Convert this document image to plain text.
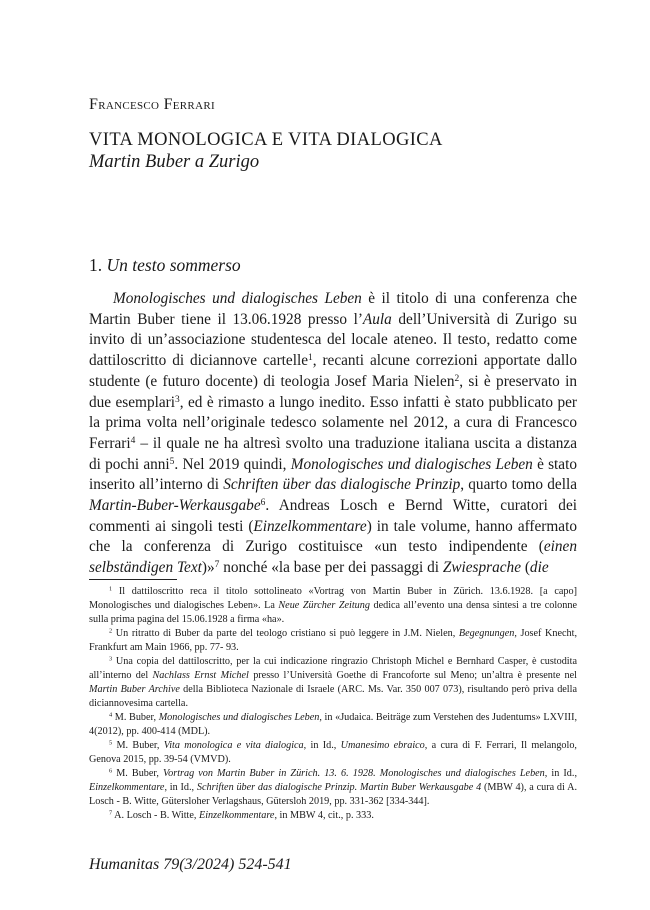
Francesco Ferrari
VITA MONOLOGICA E VITA DIALOGICA
Martin Buber a Zurigo
1. Un testo sommerso

Monologisches und dialogisches Leben è il titolo di una conferenza che Martin Buber tiene il 13.06.1928 presso l’Aula dell’Università di Zurigo su invito di un’associazione studentesca del locale ateneo. Il testo, redatto come dattiloscritto di diciannove cartelle$^1$, recanti alcune correzioni apportate dallo studente (e futuro docente) di teologia Josef Maria Nielen$^2$, si è preservato in due esemplari$^3$, ed è rimasto a lungo inedito. Esso infatti è stato pubblicato per la prima volta nell’originale tedesco solamente nel 2012, a cura di Francesco Ferrari$^4$ – il quale ne ha altresì svolto una traduzione italiana uscita a distanza di pochi anni$^5$. Nel 2019 quindi, Monologisches und dialogisches Leben è stato inserito all’interno di Schriften über das dialogische Prinzip, quarto tomo della Martin-Buber-Werkausgabe$^6$. Andreas Losch e Bernd Witte, curatori dei commenti ai singoli testi (Einzelkommentare) in tale volume, hanno affermato che la conferenza di Zurigo costituisce «un testo indipendente (einen selbständigen Text)»$^7$ nonché «la base per dei passaggi di Zwiesprache (die

$^1$ Il dattiloscritto reca il titolo sottolineato «Vortrag von Martin Buber in Zürich. 13.6.1928. [a capo] Monologisches und dialogisches Leben». La Neue Zürcher Zeitung dedica all’evento una densa sintesi a tre colonne sulla prima pagina del 15.06.1928 a firma «ha».

$^2$ Un ritratto di Buber da parte del teologo cristiano si può leggere in J.M. Nielen, Begegnungen, Josef Knecht, Frankfurt am Main 1966, pp. 77- 93.

$^3$ Una copia del dattiloscritto, per la cui indicazione ringrazio Christoph Michel e Bernhard Casper, è custodita all’interno del Nachlass Ernst Michel presso l’Università Goethe di Francoforte sul Meno; un’altra è presente nel Martin Buber Archive della Biblioteca Nazionale di Israele (ARC. Ms. Var. 350 007 073), risultando però priva della diciannovesima cartella.

$^4$ M. Buber, Monologisches und dialogisches Leben, in «Judaica. Beiträge zum Verstehen des Judentums» LXVIII, 4(2012), pp. 400-414 (MDL).

$^5$ M. Buber, Vita monologica e vita dialogica, in Id., Umanesimo ebraico, a cura di F. Ferrari, Il melangolo, Genova 2015, pp. 39-54 (VMVD).

$^6$ M. Buber, Vortrag von Martin Buber in Zürich. 13. 6. 1928. Monologisches und dialogisches Leben, in Id., Einzelkommentare, in Id., Schriften über das dialogische Prinzip. Martin Buber Werkausgabe 4 (MBW 4), a cura di A. Losch - B. Witte, Gütersloher Verlagshaus, Gütersloh 2019, pp. 331-362 [334-344].

$^7$ A. Losch - B. Witte, Einzelkommentare, in MBW 4, cit., p. 333.

Humanitas 79(3/2024) 524-541
